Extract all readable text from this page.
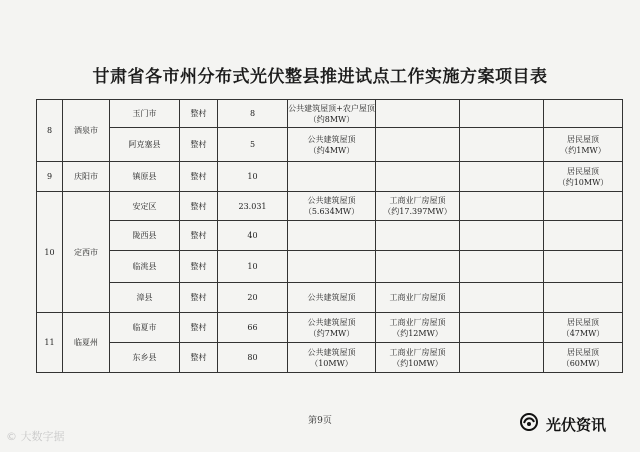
甘肃省各市州分布式光伏整县推进试点工作实施方案项目表
8	酒泉市	玉门市	整村	8	公共建筑屋顶+农户屋顶
（约8MW）			
		阿克塞县	整村	5	公共建筑屋顶
（约4MW）			居民屋顶
（约1MW）
9	庆阳市	镇原县	整村	10				居民屋顶
（约10MW）
10	定西市	安定区	整村	23.031	公共建筑屋顶
（5.634MW）	工商业厂房屋顶
（约17.397MW）		
		陇西县	整村	40				
		临洮县	整村	10				
		漳县	整村	20	公共建筑屋顶	工商业厂房屋顶		
11	临夏州	临夏市	整村	66	公共建筑屋顶
（约7MW）	工商业厂房屋顶
（约12MW）		居民屋顶
（47MW）
		东乡县	整村	80	公共建筑屋顶
（10MW）	工商业厂房屋顶
（约10MW）		居民屋顶
（60MW）
第9页
© 大数字据
光伏资讯
